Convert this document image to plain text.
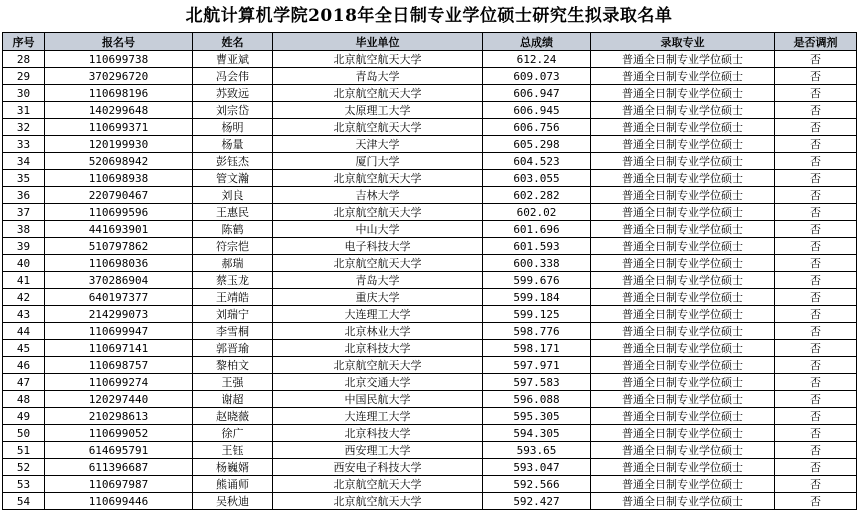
北航计算机学院2018年全日制专业学位硕士研究生拟录取名单
序号	报名号	姓名	毕业单位	总成绩	录取专业	是否调剂
28	110699738	曹亚斌	北京航空航天大学	612.24	普通全日制专业学位硕士	否
29	370296720	冯会伟	青岛大学	609.073	普通全日制专业学位硕士	否
30	110698196	苏致远	北京航空航天大学	606.947	普通全日制专业学位硕士	否
31	140299648	刘宗岱	太原理工大学	606.945	普通全日制专业学位硕士	否
32	110699371	杨明	北京航空航天大学	606.756	普通全日制专业学位硕士	否
33	120199930	杨量	天津大学	605.298	普通全日制专业学位硕士	否
34	520698942	彭钰杰	厦门大学	604.523	普通全日制专业学位硕士	否
35	110698938	管文瀚	北京航空航天大学	603.055	普通全日制专业学位硕士	否
36	220790467	刘良	吉林大学	602.282	普通全日制专业学位硕士	否
37	110699596	王惠民	北京航空航天大学	602.02	普通全日制专业学位硕士	否
38	441693901	陈鹤	中山大学	601.696	普通全日制专业学位硕士	否
39	510797862	符宗恺	电子科技大学	601.593	普通全日制专业学位硕士	否
40	110698036	郝瑞	北京航空航天大学	600.338	普通全日制专业学位硕士	否
41	370286904	蔡玉龙	青岛大学	599.676	普通全日制专业学位硕士	否
42	640197377	王靖皓	重庆大学	599.184	普通全日制专业学位硕士	否
43	214299073	刘瑞宁	大连理工大学	599.125	普通全日制专业学位硕士	否
44	110699947	李雪桐	北京林业大学	598.776	普通全日制专业学位硕士	否
45	110697141	郭晋瑜	北京科技大学	598.171	普通全日制专业学位硕士	否
46	110698757	黎柏文	北京航空航天大学	597.971	普通全日制专业学位硕士	否
47	110699274	王强	北京交通大学	597.583	普通全日制专业学位硕士	否
48	120297440	谢超	中国民航大学	596.088	普通全日制专业学位硕士	否
49	210298613	赵晓薇	大连理工大学	595.305	普通全日制专业学位硕士	否
50	110699052	徐广	北京科技大学	594.305	普通全日制专业学位硕士	否
51	614695791	王钰	西安理工大学	593.65	普通全日制专业学位硕士	否
52	611396687	杨巍婿	西安电子科技大学	593.047	普通全日制专业学位硕士	否
53	110697987	熊诵师	北京航空航天大学	592.566	普通全日制专业学位硕士	否
54	110699446	吴秋迪	北京航空航天大学	592.427	普通全日制专业学位硕士	否
